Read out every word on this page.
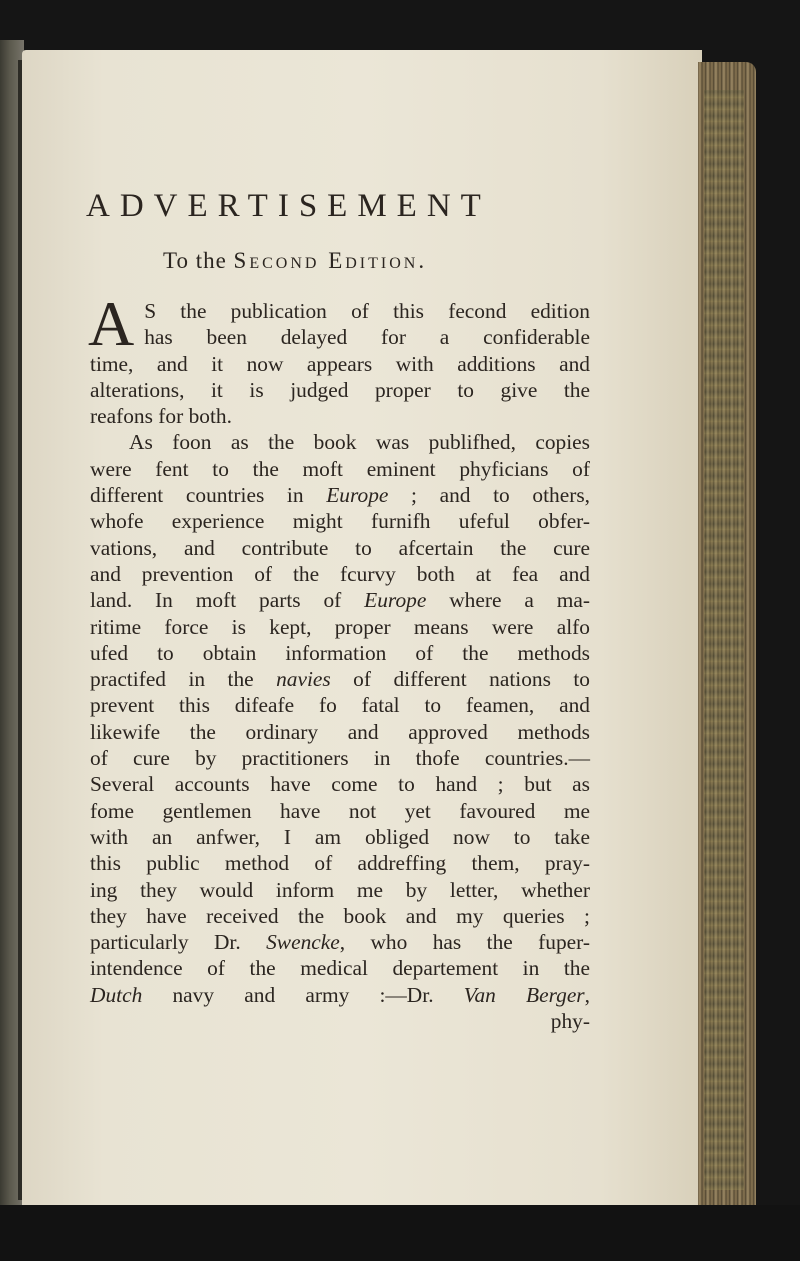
ADVERTISEMENT
To the Second Edition.
A S the publication of this fecond edition
has been delayed for a confiderable
time, and it now appears with additions and
alterations, it is judged proper to give the
reafons for both.
As foon as the book was publifhed, copies
were fent to the moft eminent phyficians of
different countries in Europe ; and to others,
whofe experience might furnifh ufeful obfer-
vations, and contribute to afcertain the cure
and prevention of the fcurvy both at fea and
land. In moft parts of Europe where a ma-
ritime force is kept, proper means were alfo
ufed to obtain information of the methods
practifed in the navies of different nations to
prevent this difeafe fo fatal to feamen, and
likewife the ordinary and approved methods
of cure by practitioners in thofe countries.—
Several accounts have come to hand ; but as
fome gentlemen have not yet favoured me
with an anfwer, I am obliged now to take
this public method of addreffing them, pray-
ing they would inform me by letter, whether
they have received the book and my queries ;
particularly Dr. Swencke, who has the fuper-
intendence of the medical departement in the
Dutch navy and army :—Dr. Van Berger,
phy-
